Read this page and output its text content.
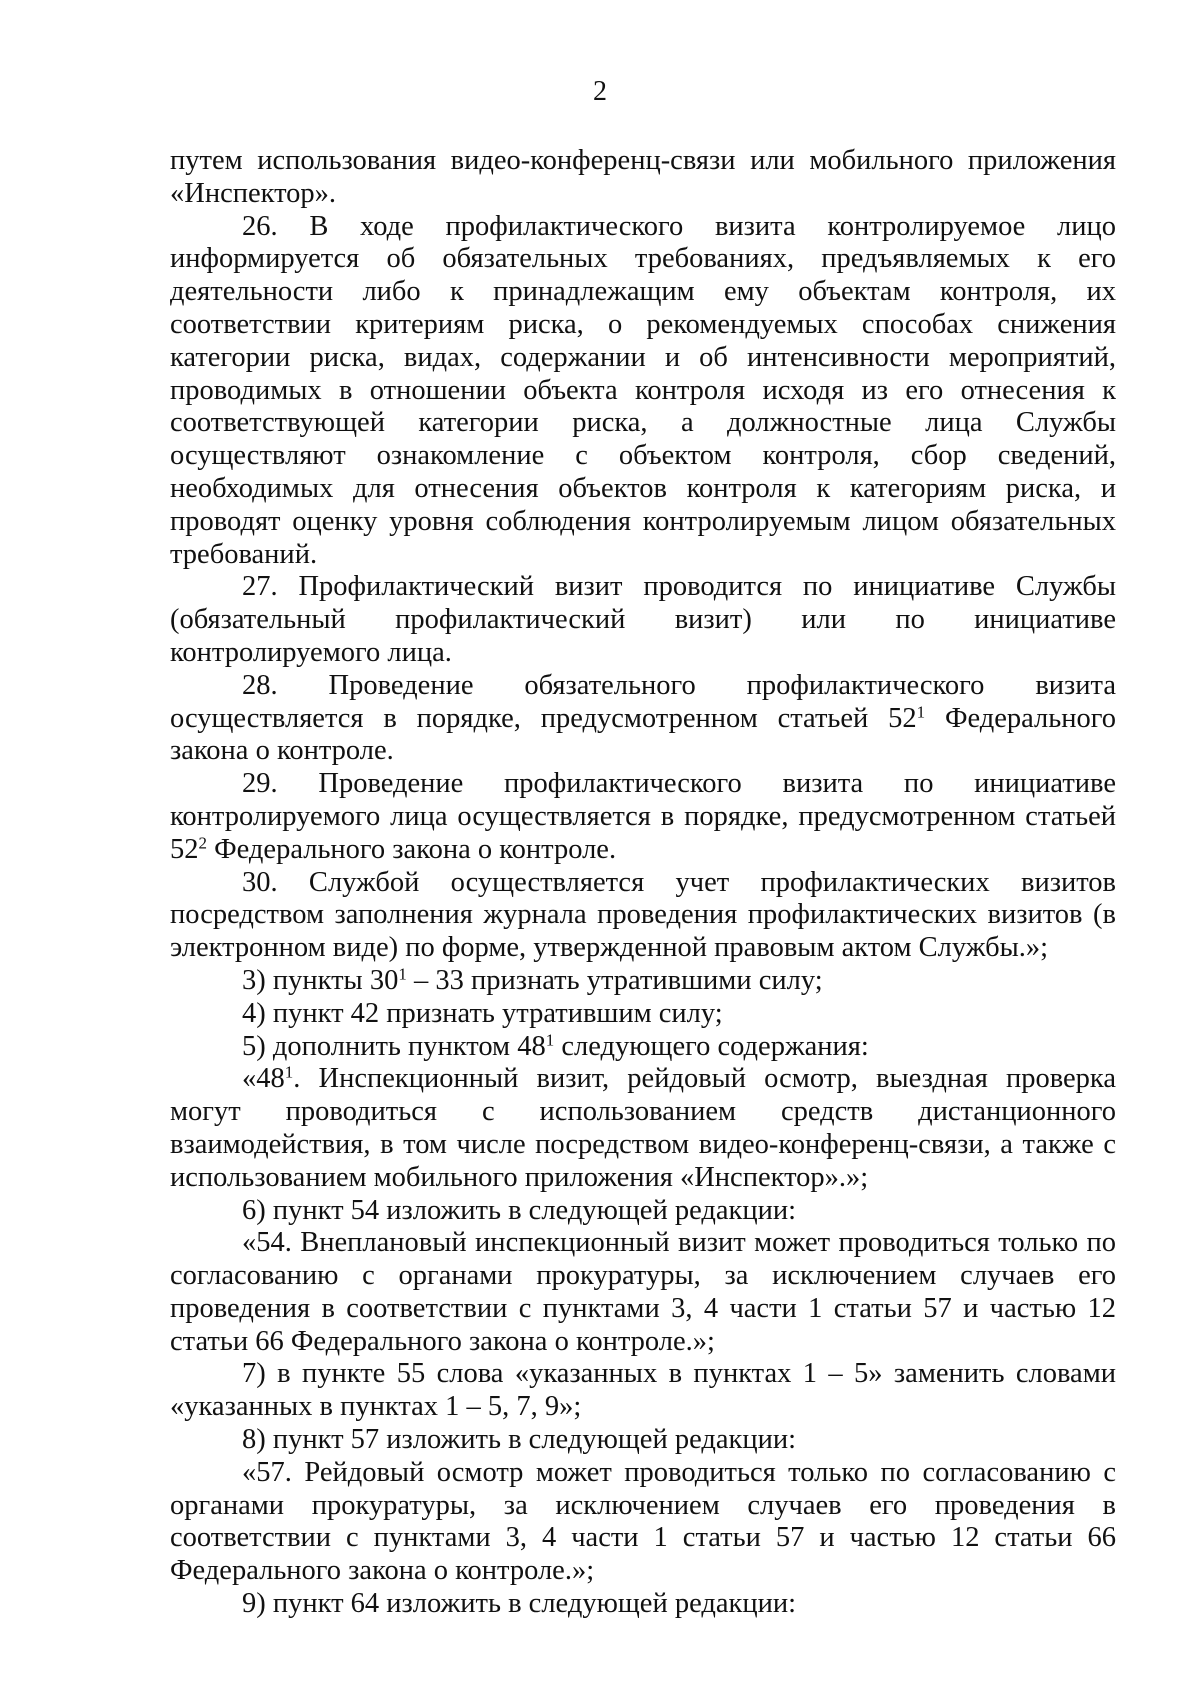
2

путем использования видео-конференц-связи или мобильного приложения «Инспектор».

26. В ходе профилактического визита контролируемое лицо информируется об обязательных требованиях, предъявляемых к его деятельности либо к принадлежащим ему объектам контроля, их соответствии критериям риска, о рекомендуемых способах снижения категории риска, видах, содержании и об интенсивности мероприятий, проводимых в отношении объекта контроля исходя из его отнесения к соответствующей категории риска, а должностные лица Службы осуществляют ознакомление с объектом контроля, сбор сведений, необходимых для отнесения объектов контроля к категориям риска, и проводят оценку уровня соблюдения контролируемым лицом обязательных требований.

27. Профилактический визит проводится по инициативе Службы (обязательный профилактический визит) или по инициативе контролируемого лица.

28. Проведение обязательного профилактического визита осуществляется в порядке, предусмотренном статьей $52^1$ Федерального закона о контроле.

29. Проведение профилактического визита по инициативе контролируемого лица осуществляется в порядке, предусмотренном статьей $52^2$ Федерального закона о контроле.

30. Службой осуществляется учет профилактических визитов посредством заполнения журнала проведения профилактических визитов (в электронном виде) по форме, утвержденной правовым актом Службы.»;

3) пункты $30^1 - 33$ признать утратившими силу;

4) пункт 42 признать утратившим силу;

5) дополнить пунктом $48^1$ следующего содержания:

«$48^1$. Инспекционный визит, рейдовый осмотр, выездная проверка могут проводиться с использованием средств дистанционного взаимодействия, в том числе посредством видео-конференц-связи, а также с использованием мобильного приложения «Инспектор».»;

6) пункт 54 изложить в следующей редакции:

«54. Внеплановый инспекционный визит может проводиться только по согласованию с органами прокуратуры, за исключением случаев его проведения в соответствии с пунктами 3, 4 части 1 статьи 57 и частью 12 статьи 66 Федерального закона о контроле.»;

7) в пункте 55 слова «указанных в пунктах 1 – 5» заменить словами «указанных в пунктах 1 – 5, 7, 9»;

8) пункт 57 изложить в следующей редакции:

«57. Рейдовый осмотр может проводиться только по согласованию с органами прокуратуры, за исключением случаев его проведения в соответствии с пунктами 3, 4 части 1 статьи 57 и частью 12 статьи 66 Федерального закона о контроле.»;

9) пункт 64 изложить в следующей редакции:
